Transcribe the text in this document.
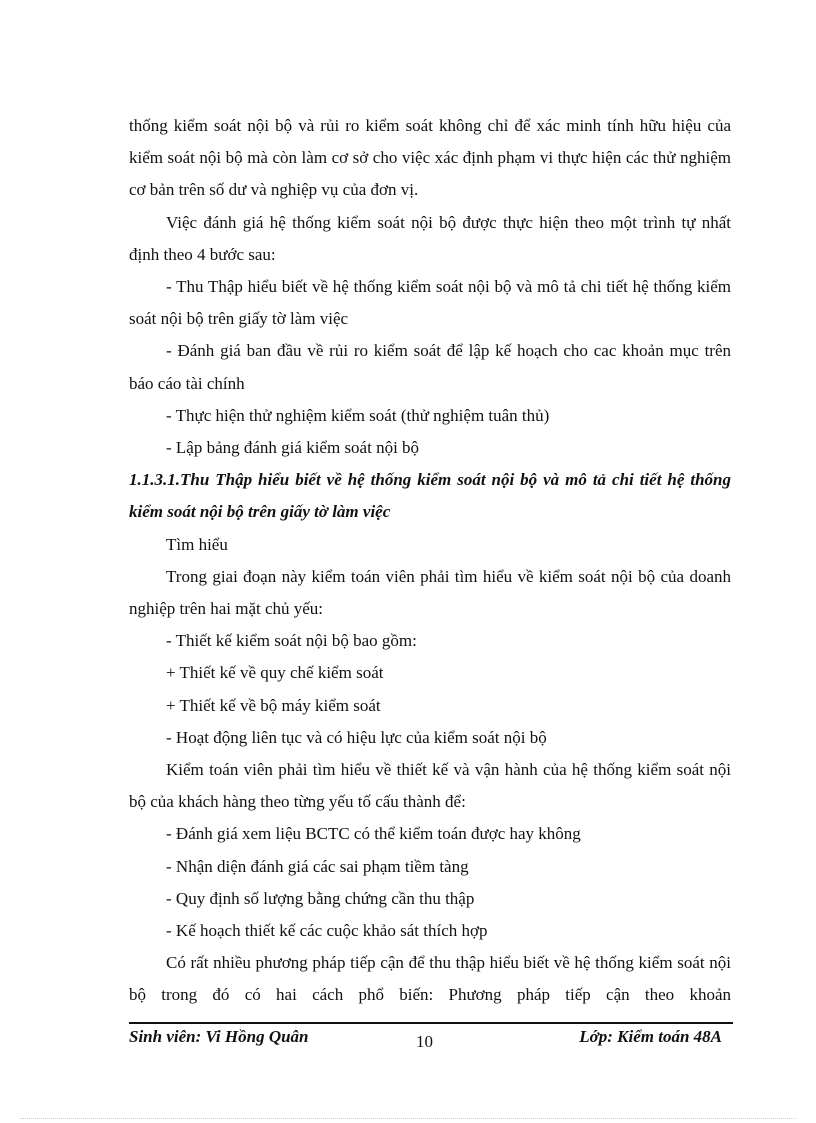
thống kiểm soát nội bộ và rủi ro kiểm soát không chỉ để xác minh tính hữu hiệu của kiểm soát nội bộ mà còn làm cơ sở cho việc xác định phạm vi thực hiện các thử nghiệm cơ bản trên số dư và nghiệp vụ của đơn vị.

Việc đánh giá hệ thống kiểm soát nội bộ được thực hiện theo một trình tự nhất định theo 4 bước sau:

- Thu Thập hiểu biết về hệ thống kiểm soát nội bộ và mô tả chi tiết hệ thống kiểm soát nội bộ trên giấy tờ làm việc

- Đánh giá ban đầu về rủi ro kiểm soát để lập kế hoạch cho cac khoản mục trên báo cáo tài chính

- Thực hiện thử nghiệm kiểm soát (thử nghiệm tuân thủ)

- Lập bảng đánh giá kiểm soát nội bộ

1.1.3.1.Thu Thập hiểu biết về hệ thống kiểm soát nội bộ và mô tả chi tiết hệ thống kiểm soát nội bộ trên giấy tờ làm việc

Tìm hiểu

Trong giai đoạn này kiểm toán viên phải tìm hiểu về kiểm soát nội bộ của doanh nghiệp trên hai mặt chủ yếu:

- Thiết kế kiểm soát nội bộ bao gồm:

+ Thiết kế về quy chế kiểm soát

+ Thiết kế về bộ máy kiểm soát

- Hoạt động liên tục và có hiệu lực của kiểm soát nội bộ

Kiểm toán viên phải tìm hiểu về thiết kế và vận hành của hệ thống kiểm soát nội bộ của khách hàng theo từng yếu tố cấu thành để:

- Đánh giá xem liệu BCTC có thể kiểm toán được hay không

- Nhận diện đánh giá các sai phạm tiềm tàng

- Quy định số lượng bằng chứng cần thu thập

- Kế hoạch thiết kế các cuộc khảo sát thích hợp

Có rất nhiều phương pháp tiếp cận để thu thập hiểu biết về hệ thống kiểm soát nội bộ trong đó có hai cách phổ biến: Phương pháp tiếp cận theo khoản

Sinh viên: Vi Hồng Quân	10	Lớp: Kiểm toán 48A
